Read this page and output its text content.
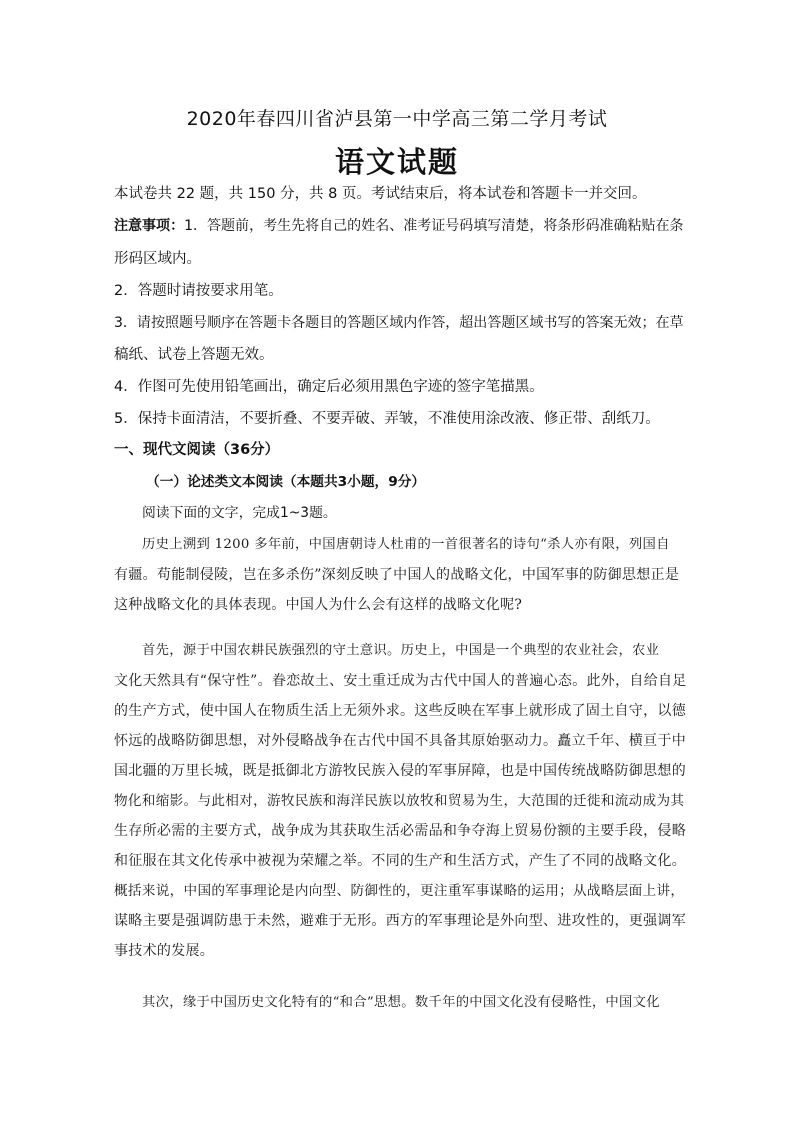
2020年春四川省泸县第一中学高三第二学月考试
语文试题
本试卷共 22 题，共 150 分，共 8 页。考试结束后，将本试卷和答题卡一并交回。
注意事项：1．答题前，考生先将自己的姓名、准考证号码填写清楚，将条形码准确粘贴在条
形码区域内。
2．答题时请按要求用笔。
3．请按照题号顺序在答题卡各题目的答题区域内作答，超出答题区域书写的答案无效；在草
稿纸、试卷上答题无效。
4．作图可先使用铅笔画出，确定后必须用黑色字迹的签字笔描黑。
5．保持卡面清洁，不要折叠、不要弄破、弄皱，不准使用涂改液、修正带、刮纸刀。
一、现代文阅读（36分）
（一）论述类文本阅读（本题共3小题，9分）
阅读下面的文字，完成1~3题。
历史上溯到 1200 多年前，中国唐朝诗人杜甫的一首很著名的诗句“杀人亦有限，列国自
有疆。苟能制侵陵，岂在多杀伤”深刻反映了中国人的战略文化，中国军事的防御思想正是
这种战略文化的具体表现。中国人为什么会有这样的战略文化呢?
首先，源于中国农耕民族强烈的守土意识。历史上，中国是一个典型的农业社会，农业
文化天然具有“保守性”。眷恋故土、安土重迁成为古代中国人的普遍心态。此外，自给自足
的生产方式，使中国人在物质生活上无须外求。这些反映在军事上就形成了固土自守，以德
怀远的战略防御思想，对外侵略战争在古代中国不具备其原始驱动力。矗立千年、横亘于中
国北疆的万里长城，既是抵御北方游牧民族入侵的军事屏障，也是中国传统战略防御思想的
物化和缩影。与此相对，游牧民族和海洋民族以放牧和贸易为生，大范围的迁徙和流动成为其
生存所必需的主要方式，战争成为其获取生活必需品和争夺海上贸易份额的主要手段，侵略
和征服在其文化传承中被视为荣耀之举。不同的生产和生活方式，产生了不同的战略文化。
概括来说，中国的军事理论是内向型、防御性的，更注重军事谋略的运用；从战略层面上讲，
谋略主要是强调防患于未然，避难于无形。西方的军事理论是外向型、进攻性的，更强调军
事技术的发展。
其次，缘于中国历史文化特有的“和合”思想。数千年的中国文化没有侵略性，中国文化
